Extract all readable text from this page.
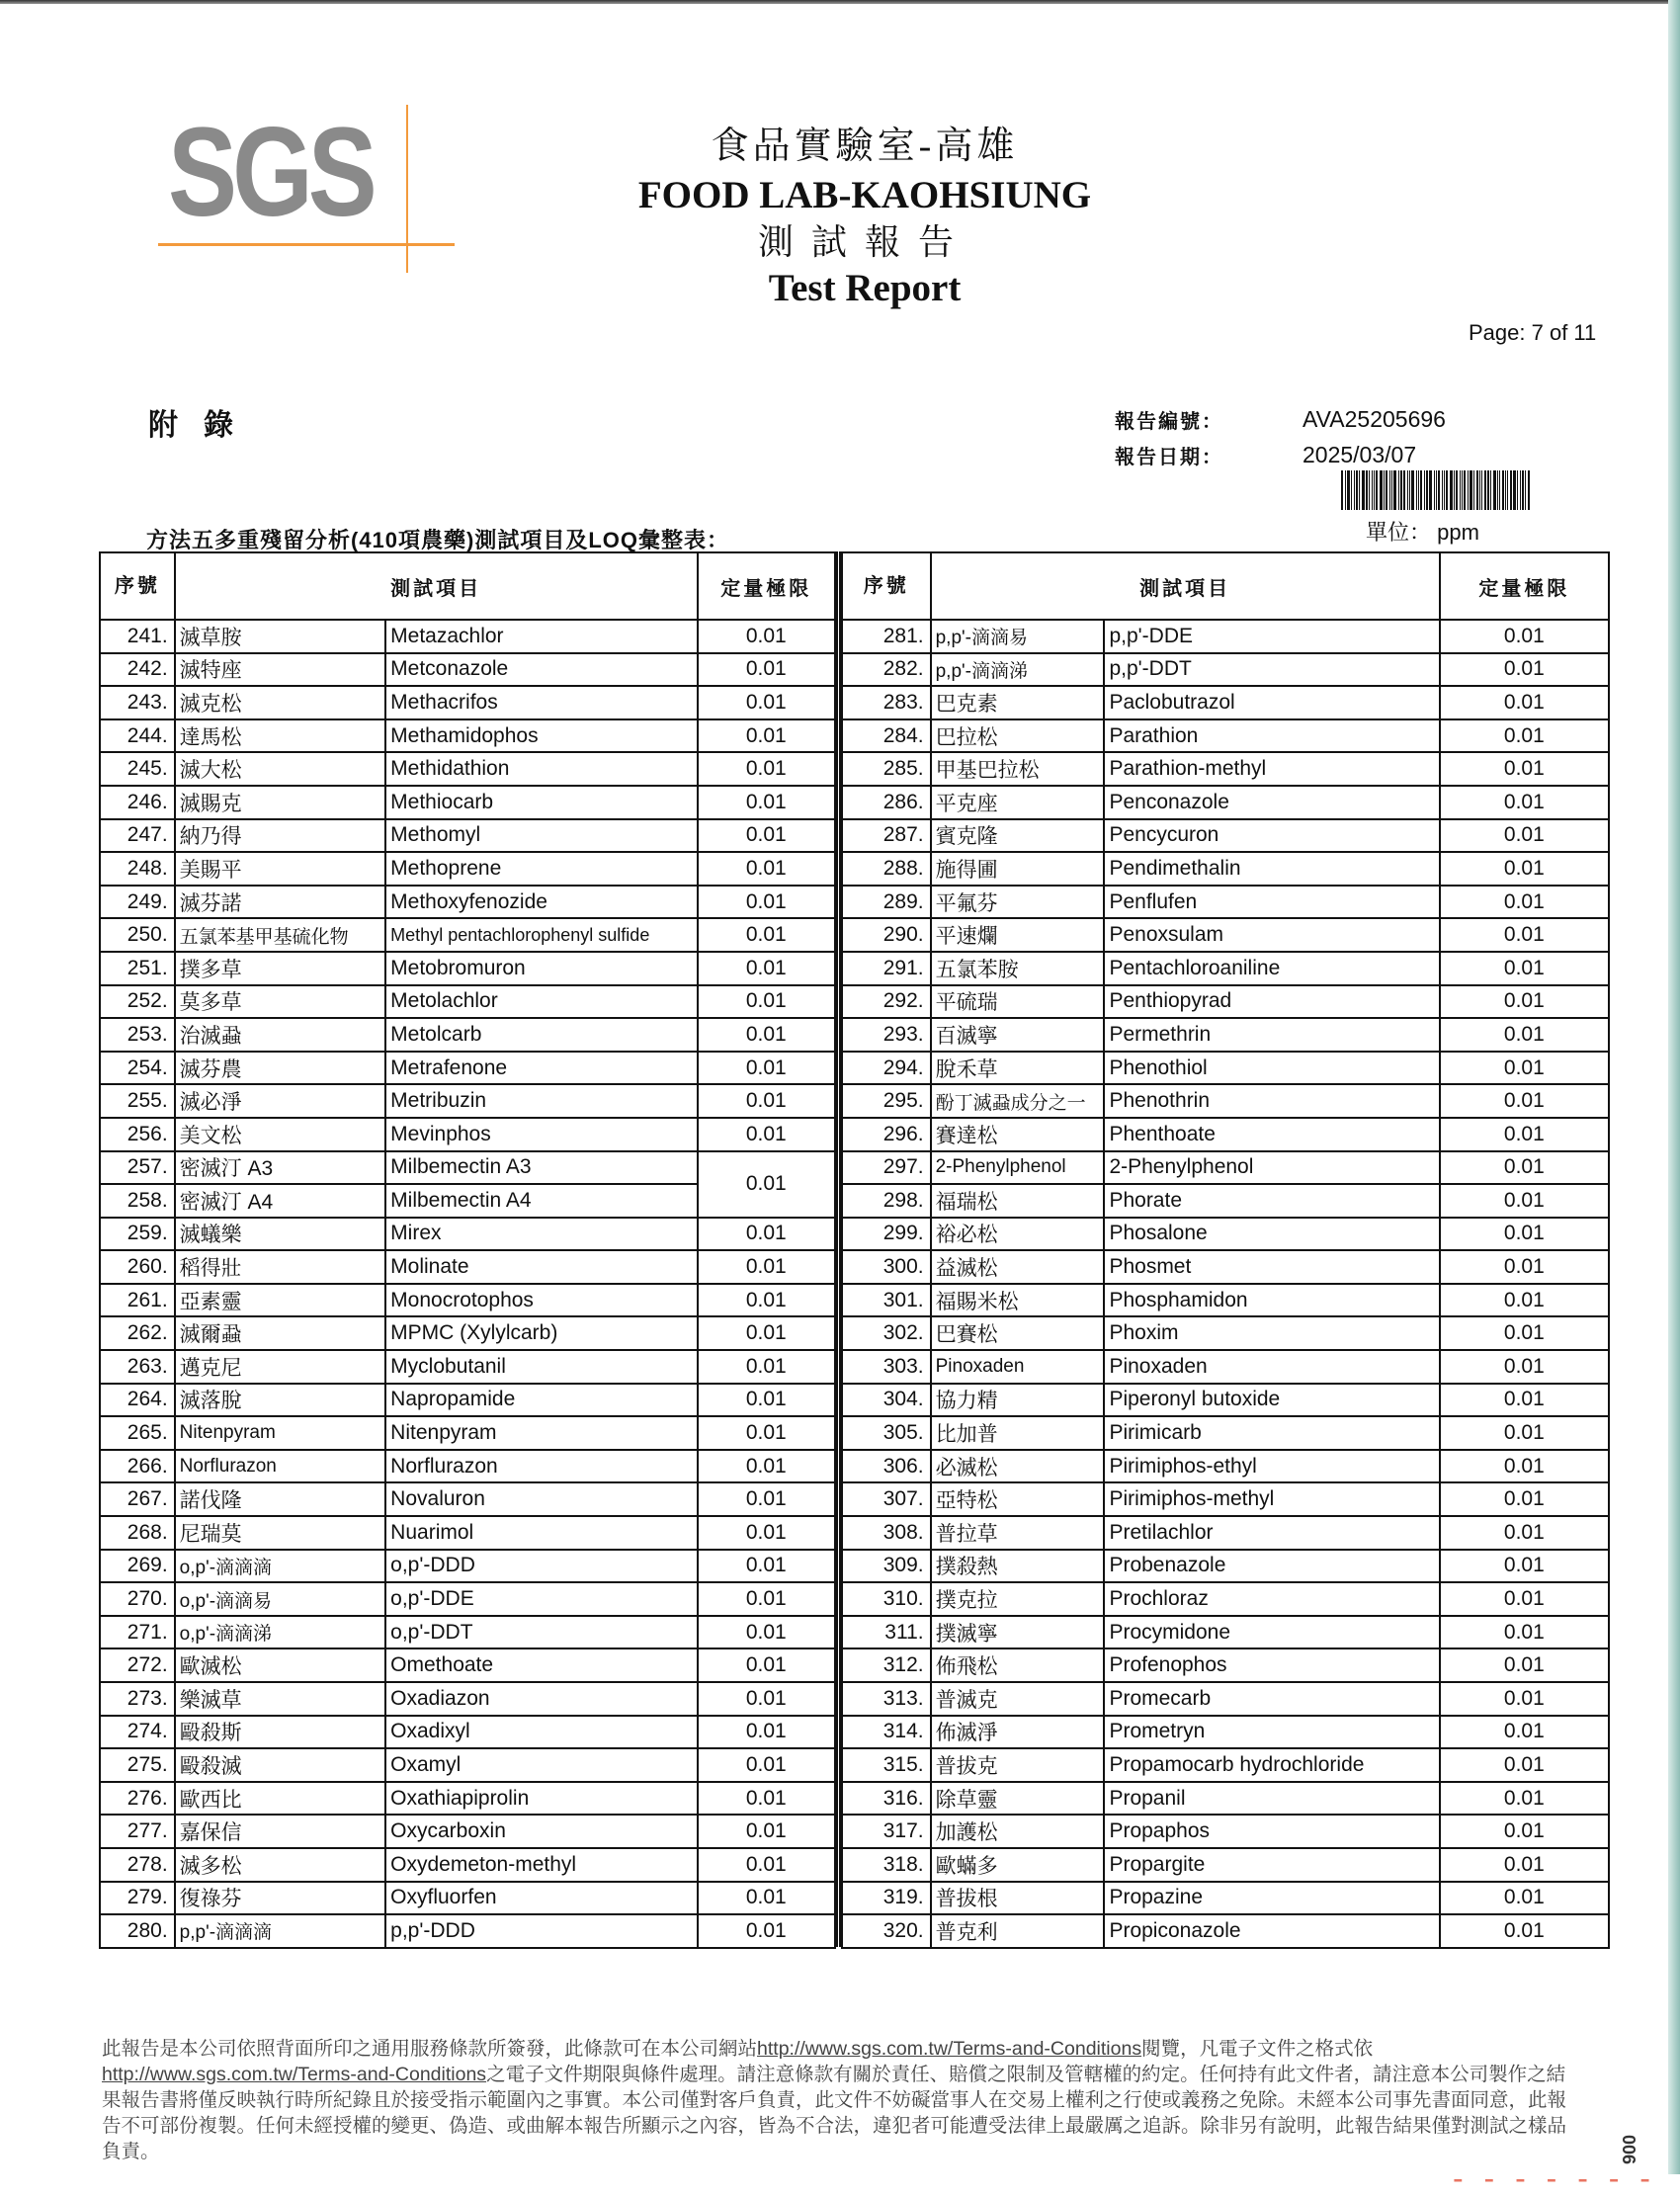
SGS	食品實驗室-高雄
FOOD LAB-KAOHSIUNG
測試報告
Test Report
Page: 7 of 11
附錄	報告編號：	AVA25205696
報告日期：	2025/03/07
單位： ppm
方法五多重殘留分析(410項農藥)測試項目及LOQ彙整表：
序號	測試項目		定量極限
241.	滅草胺	Metazachlor	0.01
242.	滅特座	Metconazole	0.01
243.	滅克松	Methacrifos	0.01
244.	達馬松	Methamidophos	0.01
245.	滅大松	Methidathion	0.01
246.	滅賜克	Methiocarb	0.01
247.	納乃得	Methomyl	0.01
248.	美賜平	Methoprene	0.01
249.	滅芬諾	Methoxyfenozide	0.01
250.	五氯苯基甲基硫化物	Methyl pentachlorophenyl sulfide	0.01
251.	撲多草	Metobromuron	0.01
252.	莫多草	Metolachlor	0.01
253.	治滅蝨	Metolcarb	0.01
254.	滅芬農	Metrafenone	0.01
255.	滅必淨	Metribuzin	0.01
256.	美文松	Mevinphos	0.01
257.	密滅汀 A3	Milbemectin A3	0.01
258.	密滅汀 A4	Milbemectin A4	
259.	滅蟻樂	Mirex	0.01
260.	稻得壯	Molinate	0.01
261.	亞素靈	Monocrotophos	0.01
262.	滅爾蝨	MPMC (Xylylcarb)	0.01
263.	邁克尼	Myclobutanil	0.01
264.	滅落脫	Napropamide	0.01
265.	Nitenpyram	Nitenpyram	0.01
266.	Norflurazon	Norflurazon	0.01
267.	諾伐隆	Novaluron	0.01
268.	尼瑞莫	Nuarimol	0.01
269.	o,p'-滴滴滴	o,p'-DDD	0.01
270.	o,p'-滴滴易	o,p'-DDE	0.01
271.	o,p'-滴滴涕	o,p'-DDT	0.01
272.	歐滅松	Omethoate	0.01
273.	樂滅草	Oxadiazon	0.01
274.	毆殺斯	Oxadixyl	0.01
275.	毆殺滅	Oxamyl	0.01
276.	歐西比	Oxathiapiprolin	0.01
277.	嘉保信	Oxycarboxin	0.01
278.	滅多松	Oxydemeton-methyl	0.01
279.	復祿芬	Oxyfluorfen	0.01
280.	p,p'-滴滴滴	p,p'-DDD	0.01
序號	測試項目		定量極限
281.	p,p'-滴滴易	p,p'-DDE	0.01
282.	p,p'-滴滴涕	p,p'-DDT	0.01
283.	巴克素	Paclobutrazol	0.01
284.	巴拉松	Parathion	0.01
285.	甲基巴拉松	Parathion-methyl	0.01
286.	平克座	Penconazole	0.01
287.	賓克隆	Pencycuron	0.01
288.	施得圃	Pendimethalin	0.01
289.	平氟芬	Penflufen	0.01
290.	平速爛	Penoxsulam	0.01
291.	五氯苯胺	Pentachloroaniline	0.01
292.	平硫瑞	Penthiopyrad	0.01
293.	百滅寧	Permethrin	0.01
294.	脫禾草	Phenothiol	0.01
295.	酚丁滅蝨成分之一	Phenothrin	0.01
296.	賽達松	Phenthoate	0.01
297.	2-Phenylphenol	2-Phenylphenol	0.01
298.	福瑞松	Phorate	0.01
299.	裕必松	Phosalone	0.01
300.	益滅松	Phosmet	0.01
301.	福賜米松	Phosphamidon	0.01
302.	巴賽松	Phoxim	0.01
303.	Pinoxaden	Pinoxaden	0.01
304.	協力精	Piperonyl butoxide	0.01
305.	比加普	Pirimicarb	0.01
306.	必滅松	Pirimiphos-ethyl	0.01
307.	亞特松	Pirimiphos-methyl	0.01
308.	普拉草	Pretilachlor	0.01
309.	撲殺熱	Probenazole	0.01
310.	撲克拉	Prochloraz	0.01
311.	撲滅寧	Procymidone	0.01
312.	佈飛松	Profenophos	0.01
313.	普滅克	Promecarb	0.01
314.	佈滅淨	Prometryn	0.01
315.	普拔克	Propamocarb hydrochloride	0.01
316.	除草靈	Propanil	0.01
317.	加護松	Propaphos	0.01
318.	歐蟎多	Propargite	0.01
319.	普拔根	Propazine	0.01
320.	普克利	Propiconazole	0.01
此報告是本公司依照背面所印之通用服務條款所簽發，此條款可在本公司網站http://www.sgs.com.tw/Terms-and-Conditions閱覽，凡電子文件之格式依
http://www.sgs.com.tw/Terms-and-Conditions之電子文件期限與條件處理。請注意條款有關於責任、賠償之限制及管轄權的約定。任何持有此文件者，請注意本公司製作之結果報告書將僅反映執行時所紀錄且於接受指示範圍內之事實。本公司僅對客戶負責，此文件不妨礙當事人在交易上權利之行使或義務之免除。未經本公司事先書面同意，此報告不可部份複製。任何未經授權的變更、偽造、或曲解本報告所顯示之內容，皆為不合法，違犯者可能遭受法律上最嚴厲之追訴。除非另有說明，此報告結果僅對測試之樣品負責。	006
- - - - - - -
